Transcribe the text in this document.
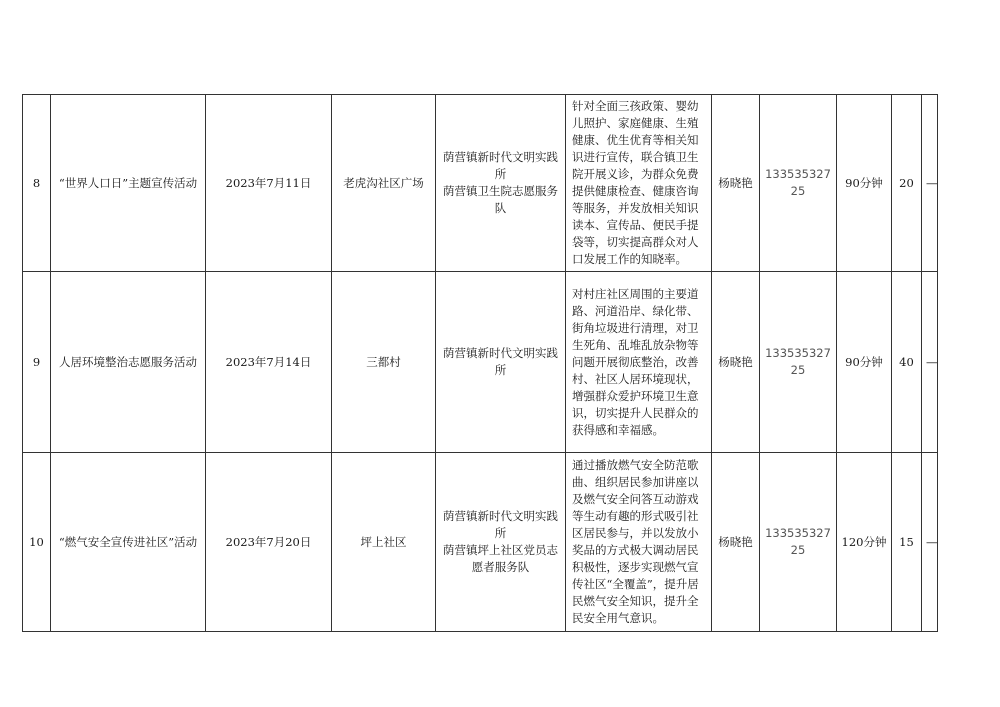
8	“世界人口日”主题宣传活动	2023年7月11日	老虎沟社区广场	荫营镇新时代文明实践所
荫营镇卫生院志愿服务队	针对全面三孩政策、婴幼儿照护、家庭健康、生殖健康、优生优育等相关知识进行宣传，联合镇卫生院开展义诊，为群众免费提供健康检查、健康咨询等服务，并发放相关知识读本、宣传品、便民手提袋等，切实提高群众对人口发展工作的知晓率。	杨晓艳	13353532725	90分钟	20	—
9	人居环境整治志愿服务活动	2023年7月14日	三都村	荫营镇新时代文明实践所	对村庄社区周围的主要道路、河道沿岸、绿化带、街角垃圾进行清理，对卫生死角、乱堆乱放杂物等问题开展彻底整治，改善村、社区人居环境现状，增强群众爱护环境卫生意识，切实提升人民群众的获得感和幸福感。	杨晓艳	13353532725	90分钟	40	—
10	“燃气安全宣传进社区”活动	2023年7月20日	坪上社区	荫营镇新时代文明实践所
荫营镇坪上社区党员志愿者服务队	通过播放燃气安全防范歌曲、组织居民参加讲座以及燃气安全问答互动游戏等生动有趣的形式吸引社区居民参与，并以发放小奖品的方式极大调动居民积极性，逐步实现燃气宣传社区“全覆盖”，提升居民燃气安全知识，提升全民安全用气意识。	杨晓艳	13353532725	120分钟	15	—
